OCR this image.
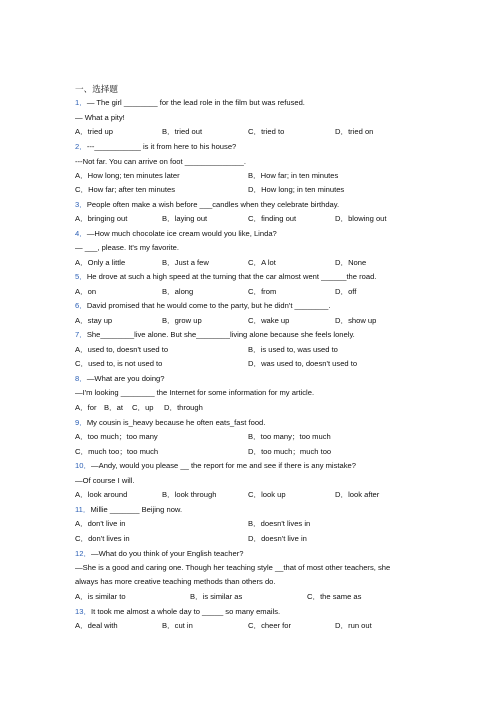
一、选择题
1．— The girl ________ for the lead role in the film but was refused.
— What a pity!
A．tried up	B．tried out	C．tried to	D．tried on
2．---___________ is it from here to his house?
---Not far. You can arrive on foot ______________.
A．How long; ten minutes later	B．How far; in ten minutes
C．How far; after ten minutes	D．How long; in ten minutes
3．People often make a wish before ___candles when they celebrate birthday.
A．bringing out	B．laying out	C．finding out	D．blowing out
4．—How much chocolate ice cream would you like, Linda?
— ___, please. It's my favorite.
A．Only a little	B．Just a few	C．A lot	D．None
5．He drove at such a high speed at the turning that the car almost went ______the road.
A．on	B．along	C．from	D．off
6．David promised that he would come to the party, but he didn't ________.
A．stay up	B．grow up	C．wake up	D．show up
7．She________live alone. But she________living alone because she feels lonely.
A．used to, doesn't used to	B．is used to, was used to
C．used to, is not used to	D．was used to, doesn't used to
8．—What are you doing?
—I'm looking ________ the Internet for some information for my article.
A．for B．at C．up D．through
9．My cousin is_heavy because he often eats_fast food.
A．too much；too many	B．too many；too much
C．much too；too much	D．too much；much too
10．—Andy, would you please __ the report for me and see if there is any mistake?
—Of course I will.
A．look around	B．look through	C．look up	D．look after
11．Millie _______ Beijing now.
A．don't live in	B．doesn't lives in
C．don't lives in	D．doesn't live in
12．—What do you think of your English teacher?
—She is a good and caring one. Though her teaching style __that of most other teachers, she
always has more creative teaching methods than others do.
A．is similar to	B．is similar as	C．the same as
13．It took me almost a whole day to _____ so many emails.
A．deal with	B．cut in	C．cheer for	D．run out
